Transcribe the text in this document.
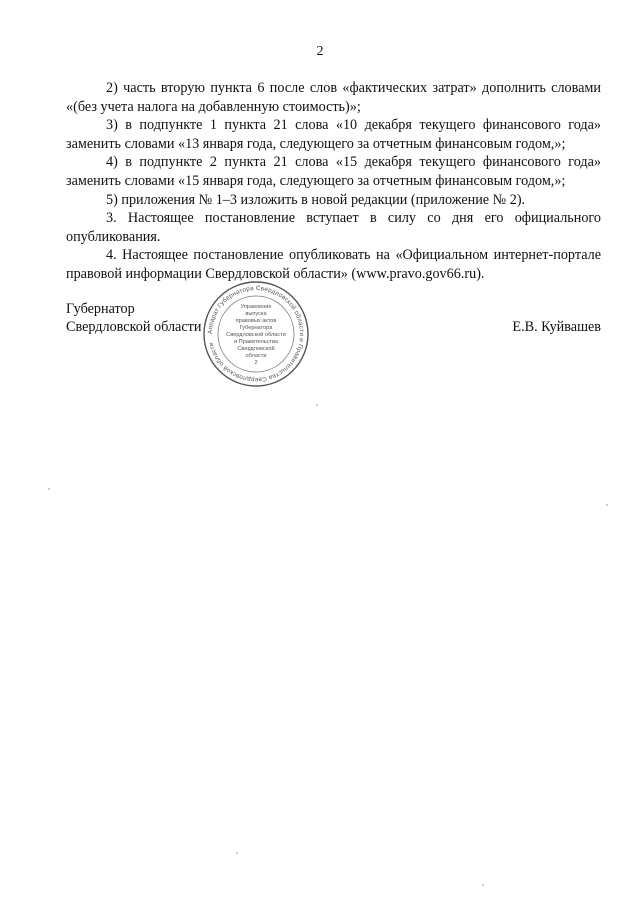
2

2) часть вторую пункта 6 после слов «фактических затрат» дополнить словами «(без учета налога на добавленную стоимость)»;

3) в подпункте 1 пункта 21 слова «10 декабря текущего финансового года» заменить словами «13 января года, следующего за отчетным финансовым годом,»;

4) в подпункте 2 пункта 21 слова «15 декабря текущего финансового года» заменить словами «15 января года, следующего за отчетным финансовым годом,»;

5) приложения № 1–3 изложить в новой редакции (приложение № 2).

3. Настоящее постановление вступает в силу со дня его официального опубликования.

4. Настоящее постановление опубликовать на «Официальном интернет-портале правовой информации Свердловской области» (www.pravo.gov66.ru).

Губернатор
Свердловской области	Е.В. Куйвашев
Аппарат Губернатора Свердловской области и Правительства Свердловской области
Управление
выпуска
правовых актов
Губернатора
Свердловской области
и Правительства
Свердловской
области
2
